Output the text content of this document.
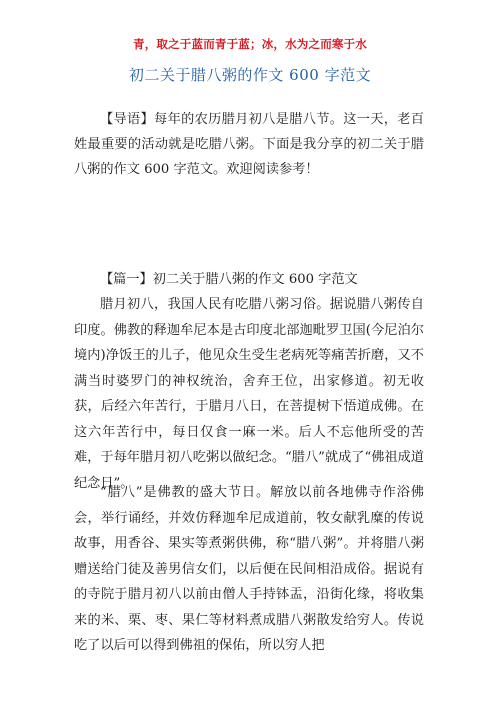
青，取之于蓝而青于蓝；冰，水为之而寒于水
初二关于腊八粥的作文 600 字范文

【导语】每年的农历腊月初八是腊八节。这一天，老百姓最重要的活动就是吃腊八粥。下面是我分享的初二关于腊八粥的作文 600 字范文。欢迎阅读参考！

【篇一】初二关于腊八粥的作文 600 字范文

腊月初八，我国人民有吃腊八粥习俗。据说腊八粥传自印度。佛教的释迦牟尼本是古印度北部迦毗罗卫国(今尼泊尔境内)净饭王的儿子，他见众生受生老病死等痛苦折磨，又不满当时婆罗门的神权统治，舍弃王位，出家修道。初无收获，后经六年苦行，于腊月八日，在菩提树下悟道成佛。在这六年苦行中，每日仅食一麻一米。后人不忘他所受的苦难，于每年腊月初八吃粥以做纪念。“腊八”就成了“佛祖成道纪念日”。

“腊八”是佛教的盛大节日。解放以前各地佛寺作浴佛会，举行诵经，并效仿释迦牟尼成道前，牧女献乳糜的传说故事，用香谷、果实等煮粥供佛，称“腊八粥”。并将腊八粥赠送给门徒及善男信女们，以后便在民间相沿成俗。据说有的寺院于腊月初八以前由僧人手持钵盂，沿街化缘，将收集来的米、栗、枣、果仁等材料煮成腊八粥散发给穷人。传说吃了以后可以得到佛祖的保佑，所以穷人把
